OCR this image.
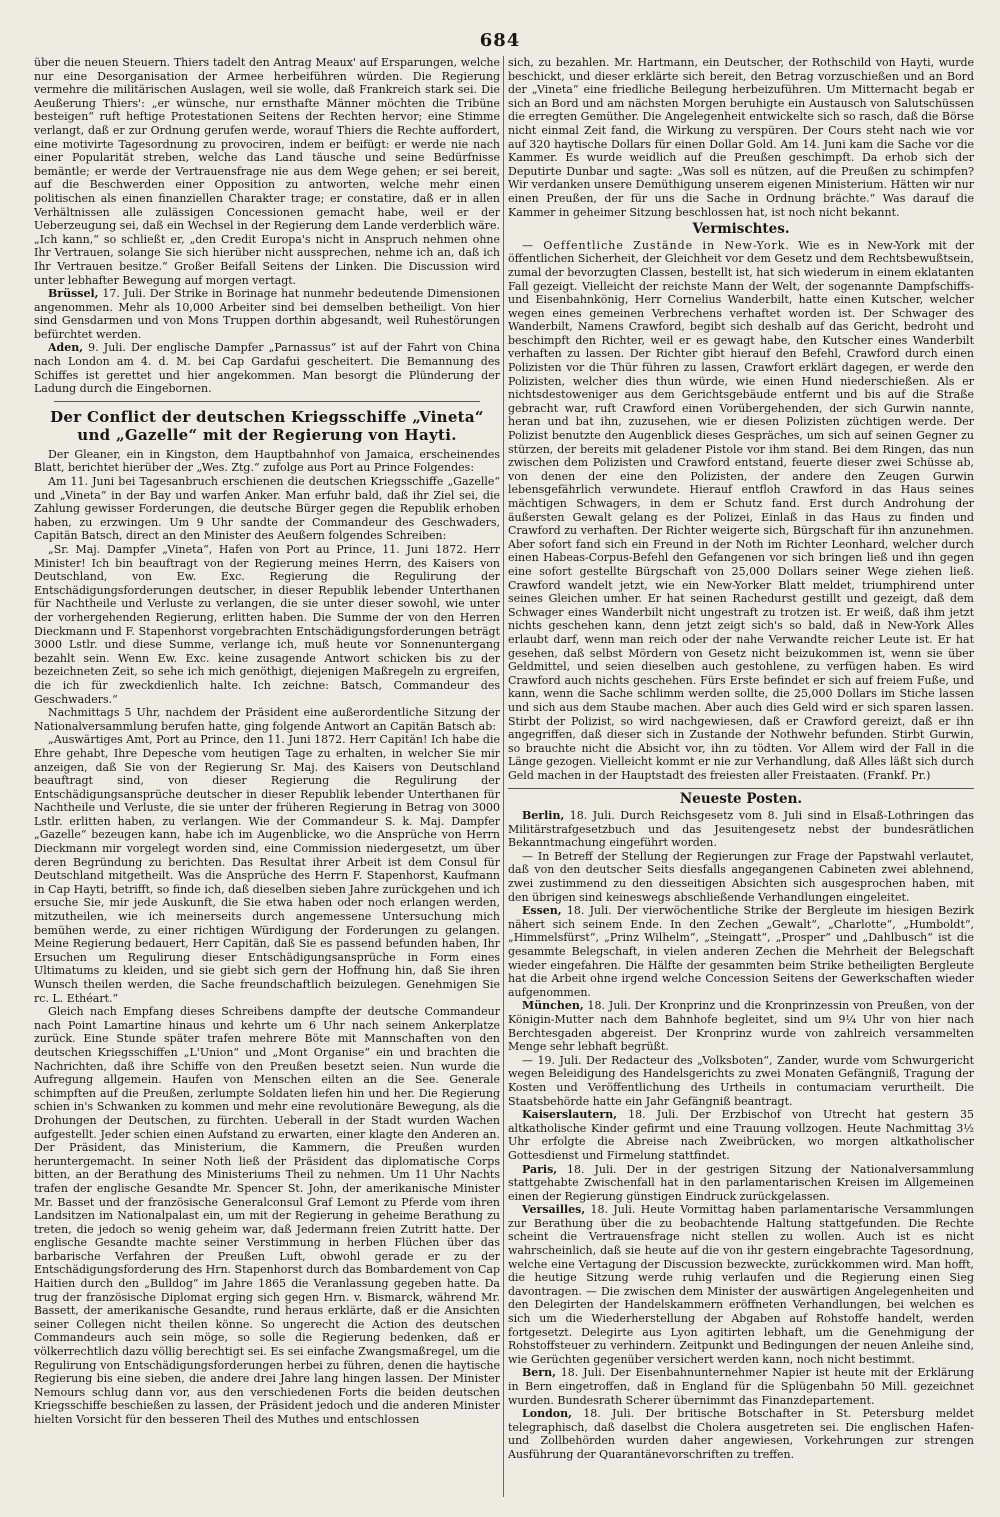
684

über die neuen Steuern. Thiers tadelt den Antrag Meaux' auf Ersparungen, welche nur eine Desorganisation der Armee herbeiführen würden. Die Regierung vermehre die militärischen Auslagen, weil sie wolle, daß Frankreich stark sei. Die Aeußerung Thiers': „er wünsche, nur ernsthafte Männer möchten die Tribüne besteigen“ ruft heftige Protestationen Seitens der Rechten hervor; eine Stimme verlangt, daß er zur Ordnung gerufen werde, worauf Thiers die Rechte auffordert, eine motivirte Tagesordnung zu provociren, indem er beifügt: er werde nie nach einer Popularität streben, welche das Land täusche und seine Bedürfnisse bemäntle; er werde der Vertrauensfrage nie aus dem Wege gehen; er sei bereit, auf die Beschwerden einer Opposition zu antworten, welche mehr einen politischen als einen finanziellen Charakter trage; er constatire, daß er in allen Verhältnissen alle zulässigen Concessionen gemacht habe, weil er der Ueberzeugung sei, daß ein Wechsel in der Regierung dem Lande verderblich wäre. „Ich kann,“ so schließt er, „den Credit Europa's nicht in Anspruch nehmen ohne Ihr Vertrauen, solange Sie sich hierüber nicht aussprechen, nehme ich an, daß ich Ihr Vertrauen besitze.“ Großer Beifall Seitens der Linken. Die Discussion wird unter lebhafter Bewegung auf morgen vertagt.

Brüssel, 17. Juli. Der Strike in Borinage hat nunmehr bedeutende Dimensionen angenommen. Mehr als 10,000 Arbeiter sind bei demselben betheiligt. Von hier sind Gensdarmen und von Mons Truppen dorthin abgesandt, weil Ruhestörungen befürchtet werden.

Aden, 9. Juli. Der englische Dampfer „Parnassus“ ist auf der Fahrt von China nach London am 4. d. M. bei Cap Gardafui gescheitert. Die Bemannung des Schiffes ist gerettet und hier angekommen. Man besorgt die Plünderung der Ladung durch die Eingebornen.

Der Conflict der deutschen Kriegsschiffe „Vineta“ und „Gazelle“ mit der Regierung von Hayti.

Der Gleaner, ein in Kingston, dem Hauptbahnhof von Jamaica, erscheinendes Blatt, berichtet hierüber der „Wes. Ztg.“ zufolge aus Port au Prince Folgendes:

Am 11. Juni bei Tagesanbruch erschienen die deutschen Kriegsschiffe „Gazelle“ und „Vineta“ in der Bay und warfen Anker. Man erfuhr bald, daß ihr Ziel sei, die Zahlung gewisser Forderungen, die deutsche Bürger gegen die Republik erhoben haben, zu erzwingen. Um 9 Uhr sandte der Commandeur des Geschwaders, Capitän Batsch, direct an den Minister des Aeußern folgendes Schreiben:

„Sr. Maj. Dampfer „Vineta“, Hafen von Port au Prince, 11. Juni 1872. Herr Minister! Ich bin beauftragt von der Regierung meines Herrn, des Kaisers von Deutschland, von Ew. Exc. Regierung die Regulirung der Entschädigungsforderungen deutscher, in dieser Republik lebender Unterthanen für Nachtheile und Verluste zu verlangen, die sie unter dieser sowohl, wie unter der vorhergehenden Regierung, erlitten haben. Die Summe der von den Herren Dieckmann und F. Stapenhorst vorgebrachten Entschädigungsforderungen beträgt 3000 Lstlr. und diese Summe, verlange ich, muß heute vor Sonnenuntergang bezahlt sein. Wenn Ew. Exc. keine zusagende Antwort schicken bis zu der bezeichneten Zeit, so sehe ich mich genöthigt, diejenigen Maßregeln zu ergreifen, die ich für zweckdienlich halte. Ich zeichne: Batsch, Commandeur des Geschwaders.“

Nachmittags 5 Uhr, nachdem der Präsident eine außerordentliche Sitzung der Nationalversammlung berufen hatte, ging folgende Antwort an Capitän Batsch ab:

„Auswärtiges Amt, Port au Prince, den 11. Juni 1872. Herr Capitän! Ich habe die Ehre gehabt, Ihre Depesche vom heutigen Tage zu erhalten, in welcher Sie mir anzeigen, daß Sie von der Regierung Sr. Maj. des Kaisers von Deutschland beauftragt sind, von dieser Regierung die Regulirung der Entschädigungsansprüche deutscher in dieser Republik lebender Unterthanen für Nachtheile und Verluste, die sie unter der früheren Regierung in Betrag von 3000 Lstlr. erlitten haben, zu verlangen. Wie der Commandeur S. k. Maj. Dampfer „Gazelle“ bezeugen kann, habe ich im Augenblicke, wo die Ansprüche von Herrn Dieckmann mir vorgelegt worden sind, eine Commission niedergesetzt, um über deren Begründung zu berichten. Das Resultat ihrer Arbeit ist dem Consul für Deutschland mitgetheilt. Was die Ansprüche des Herrn F. Stapenhorst, Kaufmann in Cap Hayti, betrifft, so finde ich, daß dieselben sieben Jahre zurückgehen und ich ersuche Sie, mir jede Auskunft, die Sie etwa haben oder noch erlangen werden, mitzutheilen, wie ich meinerseits durch angemessene Untersuchung mich bemühen werde, zu einer richtigen Würdigung der Forderungen zu gelangen. Meine Regierung bedauert, Herr Capitän, daß Sie es passend befunden haben, Ihr Ersuchen um Regulirung dieser Entschädigungsansprüche in Form eines Ultimatums zu kleiden, und sie giebt sich gern der Hoffnung hin, daß Sie ihren Wunsch theilen werden, die Sache freundschaftlich beizulegen. Genehmigen Sie rc. L. Ethéart.“

Gleich nach Empfang dieses Schreibens dampfte der deutsche Commandeur nach Point Lamartine hinaus und kehrte um 6 Uhr nach seinem Ankerplatze zurück. Eine Stunde später trafen mehrere Böte mit Mannschaften von den deutschen Kriegsschiffen „L'Union“ und „Mont Organise“ ein und brachten die Nachrichten, daß ihre Schiffe von den Preußen besetzt seien. Nun wurde die Aufregung allgemein. Haufen von Menschen eilten an die See. Generale schimpften auf die Preußen, zerlumpte Soldaten liefen hin und her. Die Regierung schien in's Schwanken zu kommen und mehr eine revolutionäre Bewegung, als die Drohungen der Deutschen, zu fürchten. Ueberall in der Stadt wurden Wachen aufgestellt. Jeder schien einen Aufstand zu erwarten, einer klagte den Anderen an. Der Präsident, das Ministerium, die Kammern, die Preußen wurden heruntergemacht. In seiner Noth ließ der Präsident das diplomatische Corps bitten, an der Berathung des Ministeriums Theil zu nehmen. Um 11 Uhr Nachts trafen der englische Gesandte Mr. Spencer St. John, der amerikanische Minister Mr. Basset und der französische Generalconsul Graf Lemont zu Pferde vom ihren Landsitzen im Nationalpalast ein, um mit der Regierung in geheime Berathung zu treten, die jedoch so wenig geheim war, daß Jedermann freien Zutritt hatte. Der englische Gesandte machte seiner Verstimmung in herben Flüchen über das barbarische Verfahren der Preußen Luft, obwohl gerade er zu der Entschädigungsforderung des Hrn. Stapenhorst durch das Bombardement von Cap Haitien durch den „Bulldog“ im Jahre 1865 die Veranlassung gegeben hatte. Da trug der französische Diplomat erging sich gegen Hrn. v. Bismarck, während Mr. Bassett, der amerikanische Gesandte, rund heraus erklärte, daß er die Ansichten seiner Collegen nicht theilen könne. So ungerecht die Action des deutschen Commandeurs auch sein möge, so solle die Regierung bedenken, daß er völkerrechtlich dazu völlig berechtigt sei. Es sei einfache Zwangsmaßregel, um die Regulirung von Entschädigungsforderungen herbei zu führen, denen die haytische Regierung bis eine sieben, die andere drei Jahre lang hingen lassen. Der Minister Nemours schlug dann vor, aus den verschiedenen Forts die beiden deutschen Kriegsschiffe beschießen zu lassen, der Präsident jedoch und die anderen Minister hielten Vorsicht für den besseren Theil des Muthes und entschlossen

sich, zu bezahlen. Mr. Hartmann, ein Deutscher, der Rothschild von Hayti, wurde beschickt, und dieser erklärte sich bereit, den Betrag vorzuschießen und an Bord der „Vineta“ eine friedliche Beilegung herbeizuführen. Um Mitternacht begab er sich an Bord und am nächsten Morgen beruhigte ein Austausch von Salutschüssen die erregten Gemüther. Die Angelegenheit entwickelte sich so rasch, daß die Börse nicht einmal Zeit fand, die Wirkung zu verspüren. Der Cours steht nach wie vor auf 320 haytische Dollars für einen Dollar Gold. Am 14. Juni kam die Sache vor die Kammer. Es wurde weidlich auf die Preußen geschimpft. Da erhob sich der Deputirte Dunbar und sagte: „Was soll es nützen, auf die Preußen zu schimpfen? Wir verdanken unsere Demüthigung unserem eigenen Ministerium. Hätten wir nur einen Preußen, der für uns die Sache in Ordnung brächte.“ Was darauf die Kammer in geheimer Sitzung beschlossen hat, ist noch nicht bekannt.

Vermischtes.

— Oeffentliche Zustände in New-York. Wie es in New-York mit der öffentlichen Sicherheit, der Gleichheit vor dem Gesetz und dem Rechtsbewußtsein, zumal der bevorzugten Classen, bestellt ist, hat sich wiederum in einem eklatanten Fall gezeigt. Vielleicht der reichste Mann der Welt, der sogenannte Dampfschiffs- und Eisenbahnkönig, Herr Cornelius Wanderbilt, hatte einen Kutscher, welcher wegen eines gemeinen Verbrechens verhaftet worden ist. Der Schwager des Wanderbilt, Namens Crawford, begibt sich deshalb auf das Gericht, bedroht und beschimpft den Richter, weil er es gewagt habe, den Kutscher eines Wanderbilt verhaften zu lassen. Der Richter gibt hierauf den Befehl, Crawford durch einen Polizisten vor die Thür führen zu lassen, Crawfort erklärt dagegen, er werde den Polizisten, welcher dies thun würde, wie einen Hund niederschießen. Als er nichtsdestoweniger aus dem Gerichtsgebäude entfernt und bis auf die Straße gebracht war, ruft Crawford einen Vorübergehenden, der sich Gurwin nannte, heran und bat ihn, zuzusehen, wie er diesen Polizisten züchtigen werde. Der Polizist benutzte den Augenblick dieses Gespräches, um sich auf seinen Gegner zu stürzen, der bereits mit geladener Pistole vor ihm stand. Bei dem Ringen, das nun zwischen dem Polizisten und Crawford entstand, feuerte dieser zwei Schüsse ab, von denen der eine den Polizisten, der andere den Zeugen Gurwin lebensgefährlich verwundete. Hierauf entfloh Crawford in das Haus seines mächtigen Schwagers, in dem er Schutz fand. Erst durch Androhung der äußersten Gewalt gelang es der Polizei, Einlaß in das Haus zu finden und Crawford zu verhaften. Der Richter weigerte sich, Bürgschaft für ihn anzunehmen. Aber sofort fand sich ein Freund in der Noth im Richter Leonhard, welcher durch einen Habeas-Corpus-Befehl den Gefangenen vor sich bringen ließ und ihn gegen eine sofort gestellte Bürgschaft von 25,000 Dollars seiner Wege ziehen ließ. Crawford wandelt jetzt, wie ein New-Yorker Blatt meldet, triumphirend unter seines Gleichen umher. Er hat seinen Rachedurst gestillt und gezeigt, daß dem Schwager eines Wanderbilt nicht ungestraft zu trotzen ist. Er weiß, daß ihm jetzt nichts geschehen kann, denn jetzt zeigt sich's so bald, daß in New-York Alles erlaubt darf, wenn man reich oder der nahe Verwandte reicher Leute ist. Er hat gesehen, daß selbst Mördern von Gesetz nicht beizukommen ist, wenn sie über Geldmittel, und seien dieselben auch gestohlene, zu verfügen haben. Es wird Crawford auch nichts geschehen. Fürs Erste befindet er sich auf freiem Fuße, und kann, wenn die Sache schlimm werden sollte, die 25,000 Dollars im Stiche lassen und sich aus dem Staube machen. Aber auch dies Geld wird er sich sparen lassen. Stirbt der Polizist, so wird nachgewiesen, daß er Crawford gereizt, daß er ihn angegriffen, daß dieser sich in Zustande der Nothwehr befunden. Stirbt Gurwin, so brauchte nicht die Absicht vor, ihn zu tödten. Vor Allem wird der Fall in die Länge gezogen. Vielleicht kommt er nie zur Verhandlung, daß Alles läßt sich durch Geld machen in der Hauptstadt des freiesten aller Freistaaten. (Frankf. Pr.)

Neueste Posten.

Berlin, 18. Juli. Durch Reichsgesetz vom 8. Juli sind in Elsaß-Lothringen das Militärstrafgesetzbuch und das Jesuitengesetz nebst der bundesrätlichen Bekanntmachung eingeführt worden.

— In Betreff der Stellung der Regierungen zur Frage der Papstwahl verlautet, daß von den deutscher Seits diesfalls angegangenen Cabineten zwei ablehnend, zwei zustimmend zu den diesseitigen Absichten sich ausgesprochen haben, mit den übrigen sind keineswegs abschließende Verhandlungen eingeleitet.

Essen, 18. Juli. Der vierwöchentliche Strike der Bergleute im hiesigen Bezirk nähert sich seinem Ende. In den Zechen „Gewalt“, „Charlotte“, „Humboldt“, „Himmelsfürst“, „Prinz Wilhelm“, „Steingatt“, „Prosper“ und „Dahlbusch“ ist die gesammte Belegschaft, in vielen anderen Zechen die Mehrheit der Belegschaft wieder eingefahren. Die Hälfte der gesammten beim Strike betheiligten Bergleute hat die Arbeit ohne irgend welche Concession Seitens der Gewerkschaften wieder aufgenommen.

München, 18. Juli. Der Kronprinz und die Kronprinzessin von Preußen, von der Königin-Mutter nach dem Bahnhofe begleitet, sind um 9¼ Uhr von hier nach Berchtesgaden abgereist. Der Kronprinz wurde von zahlreich versammelten Menge sehr lebhaft begrüßt.

— 19. Juli. Der Redacteur des „Volksboten“, Zander, wurde vom Schwurgericht wegen Beleidigung des Handelsgerichts zu zwei Monaten Gefängniß, Tragung der Kosten und Veröffentlichung des Urtheils in contumaciam verurtheilt. Die Staatsbehörde hatte ein Jahr Gefängniß beantragt.

Kaiserslautern, 18. Juli. Der Erzbischof von Utrecht hat gestern 35 altkatholische Kinder gefirmt und eine Trauung vollzogen. Heute Nachmittag 3½ Uhr erfolgte die Abreise nach Zweibrücken, wo morgen altkatholischer Gottesdienst und Firmelung stattfindet.

Paris, 18. Juli. Der in der gestrigen Sitzung der Nationalversammlung stattgehabte Zwischenfall hat in den parlamentarischen Kreisen im Allgemeinen einen der Regierung günstigen Eindruck zurückgelassen.

Versailles, 18. Juli. Heute Vormittag haben parlamentarische Versammlungen zur Berathung über die zu beobachtende Haltung stattgefunden. Die Rechte scheint die Vertrauensfrage nicht stellen zu wollen. Auch ist es nicht wahrscheinlich, daß sie heute auf die von ihr gestern eingebrachte Tagesordnung, welche eine Vertagung der Discussion bezweckte, zurückkommen wird. Man hofft, die heutige Sitzung werde ruhig verlaufen und die Regierung einen Sieg davontragen. — Die zwischen dem Minister der auswärtigen Angelegenheiten und den Delegirten der Handelskammern eröffneten Verhandlungen, bei welchen es sich um die Wiederherstellung der Abgaben auf Rohstoffe handelt, werden fortgesetzt. Delegirte aus Lyon agitirten lebhaft, um die Genehmigung der Rohstoffsteuer zu verhindern. Zeitpunkt und Bedingungen der neuen Anleihe sind, wie Gerüchten gegenüber versichert werden kann, noch nicht bestimmt.

Bern, 18. Juli. Der Eisenbahnunternehmer Napier ist heute mit der Erklärung in Bern eingetroffen, daß in England für die Splügenbahn 50 Mill. gezeichnet wurden. Bundesrath Scherer übernimmt das Finanzdepartement.

London, 18. Juli. Der britische Botschafter in St. Petersburg meldet telegraphisch, daß daselbst die Cholera ausgetreten sei. Die englischen Hafen- und Zollbehörden wurden daher angewiesen, Vorkehrungen zur strengen Ausführung der Quarantänevorschriften zu treffen.
